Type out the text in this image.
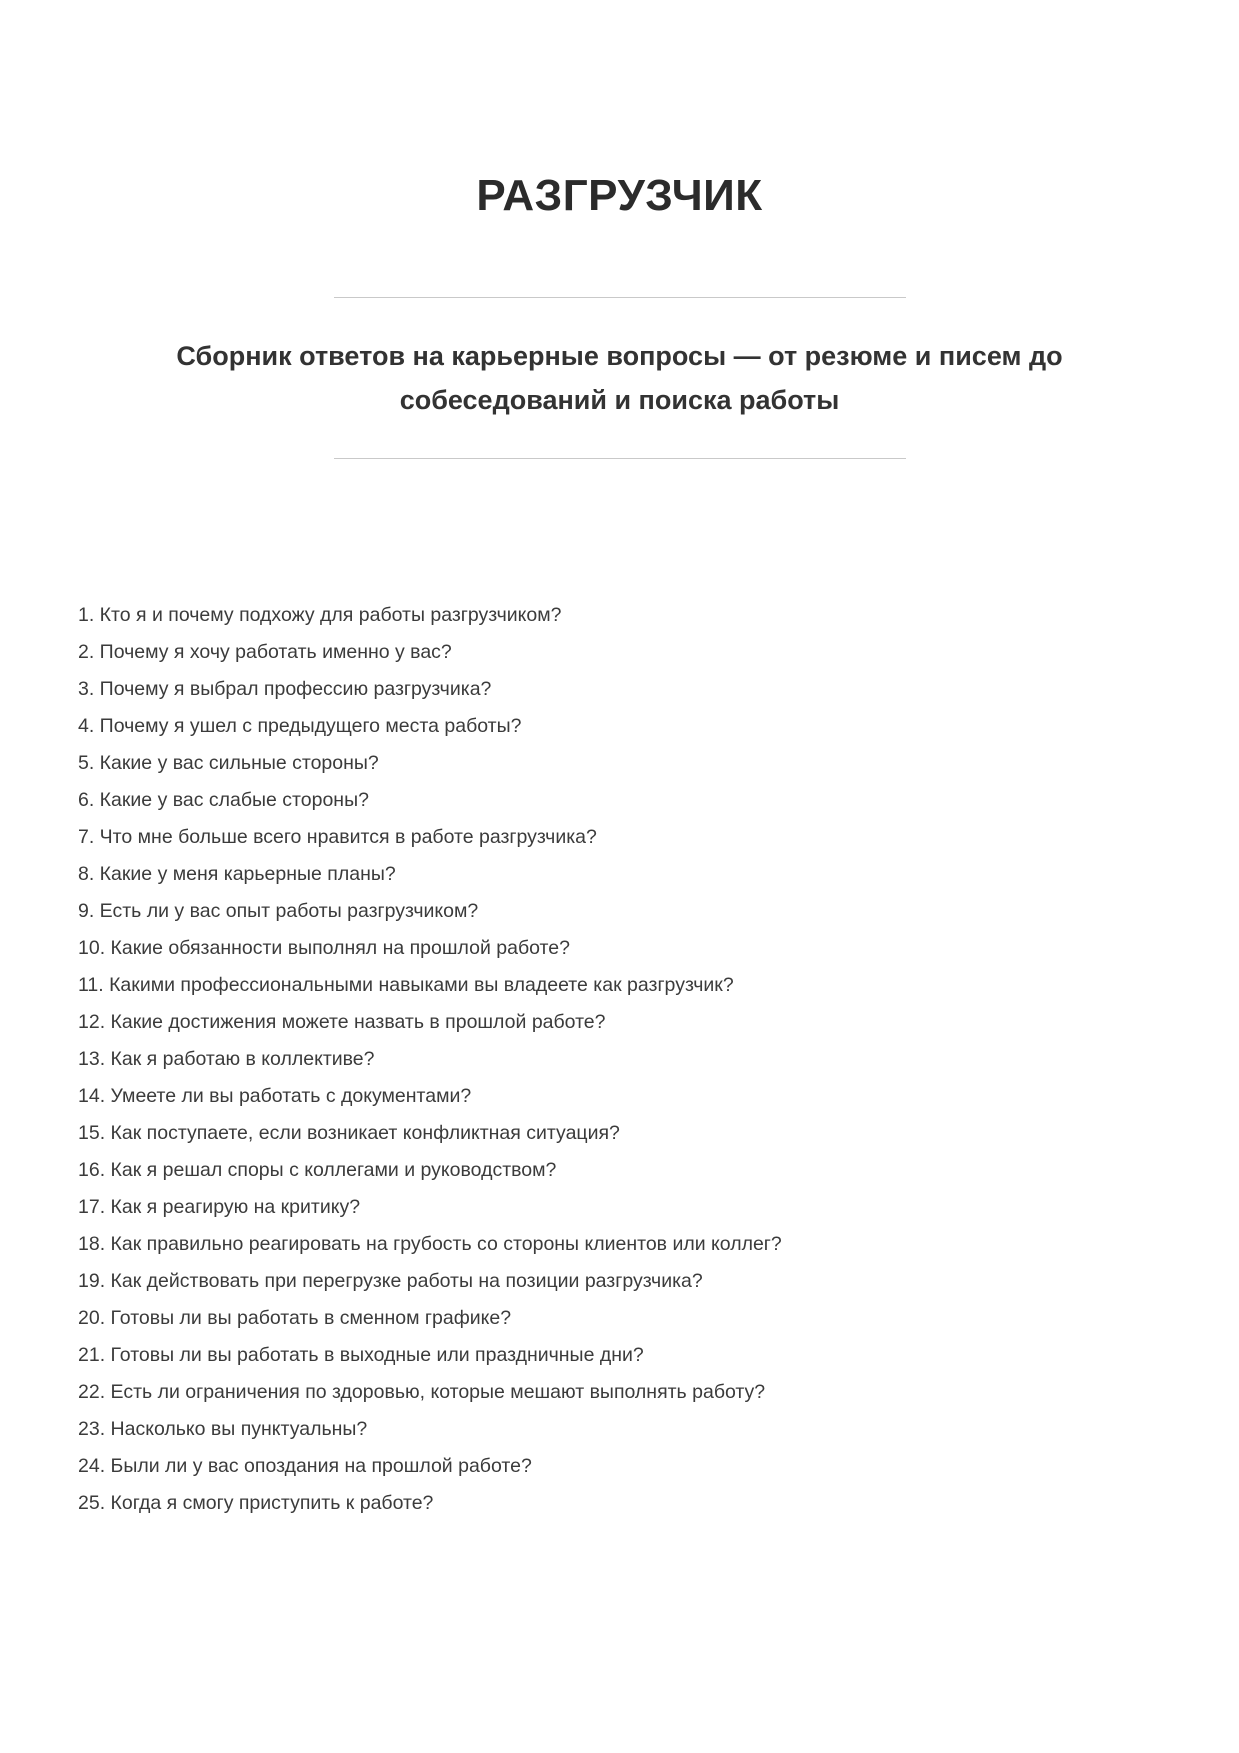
РАЗГРУЗЧИК
Сборник ответов на карьерные вопросы — от резюме и писем до собеседований и поиска работы
1. Кто я и почему подхожу для работы разгрузчиком?
2. Почему я хочу работать именно у вас?
3. Почему я выбрал профессию разгрузчика?
4. Почему я ушел с предыдущего места работы?
5. Какие у вас сильные стороны?
6. Какие у вас слабые стороны?
7. Что мне больше всего нравится в работе разгрузчика?
8. Какие у меня карьерные планы?
9. Есть ли у вас опыт работы разгрузчиком?
10. Какие обязанности выполнял на прошлой работе?
11. Какими профессиональными навыками вы владеете как разгрузчик?
12. Какие достижения можете назвать в прошлой работе?
13. Как я работаю в коллективе?
14. Умеете ли вы работать с документами?
15. Как поступаете, если возникает конфликтная ситуация?
16. Как я решал споры с коллегами и руководством?
17. Как я реагирую на критику?
18. Как правильно реагировать на грубость со стороны клиентов или коллег?
19. Как действовать при перегрузке работы на позиции разгрузчика?
20. Готовы ли вы работать в сменном графике?
21. Готовы ли вы работать в выходные или праздничные дни?
22. Есть ли ограничения по здоровью, которые мешают выполнять работу?
23. Насколько вы пунктуальны?
24. Были ли у вас опоздания на прошлой работе?
25. Когда я смогу приступить к работе?
